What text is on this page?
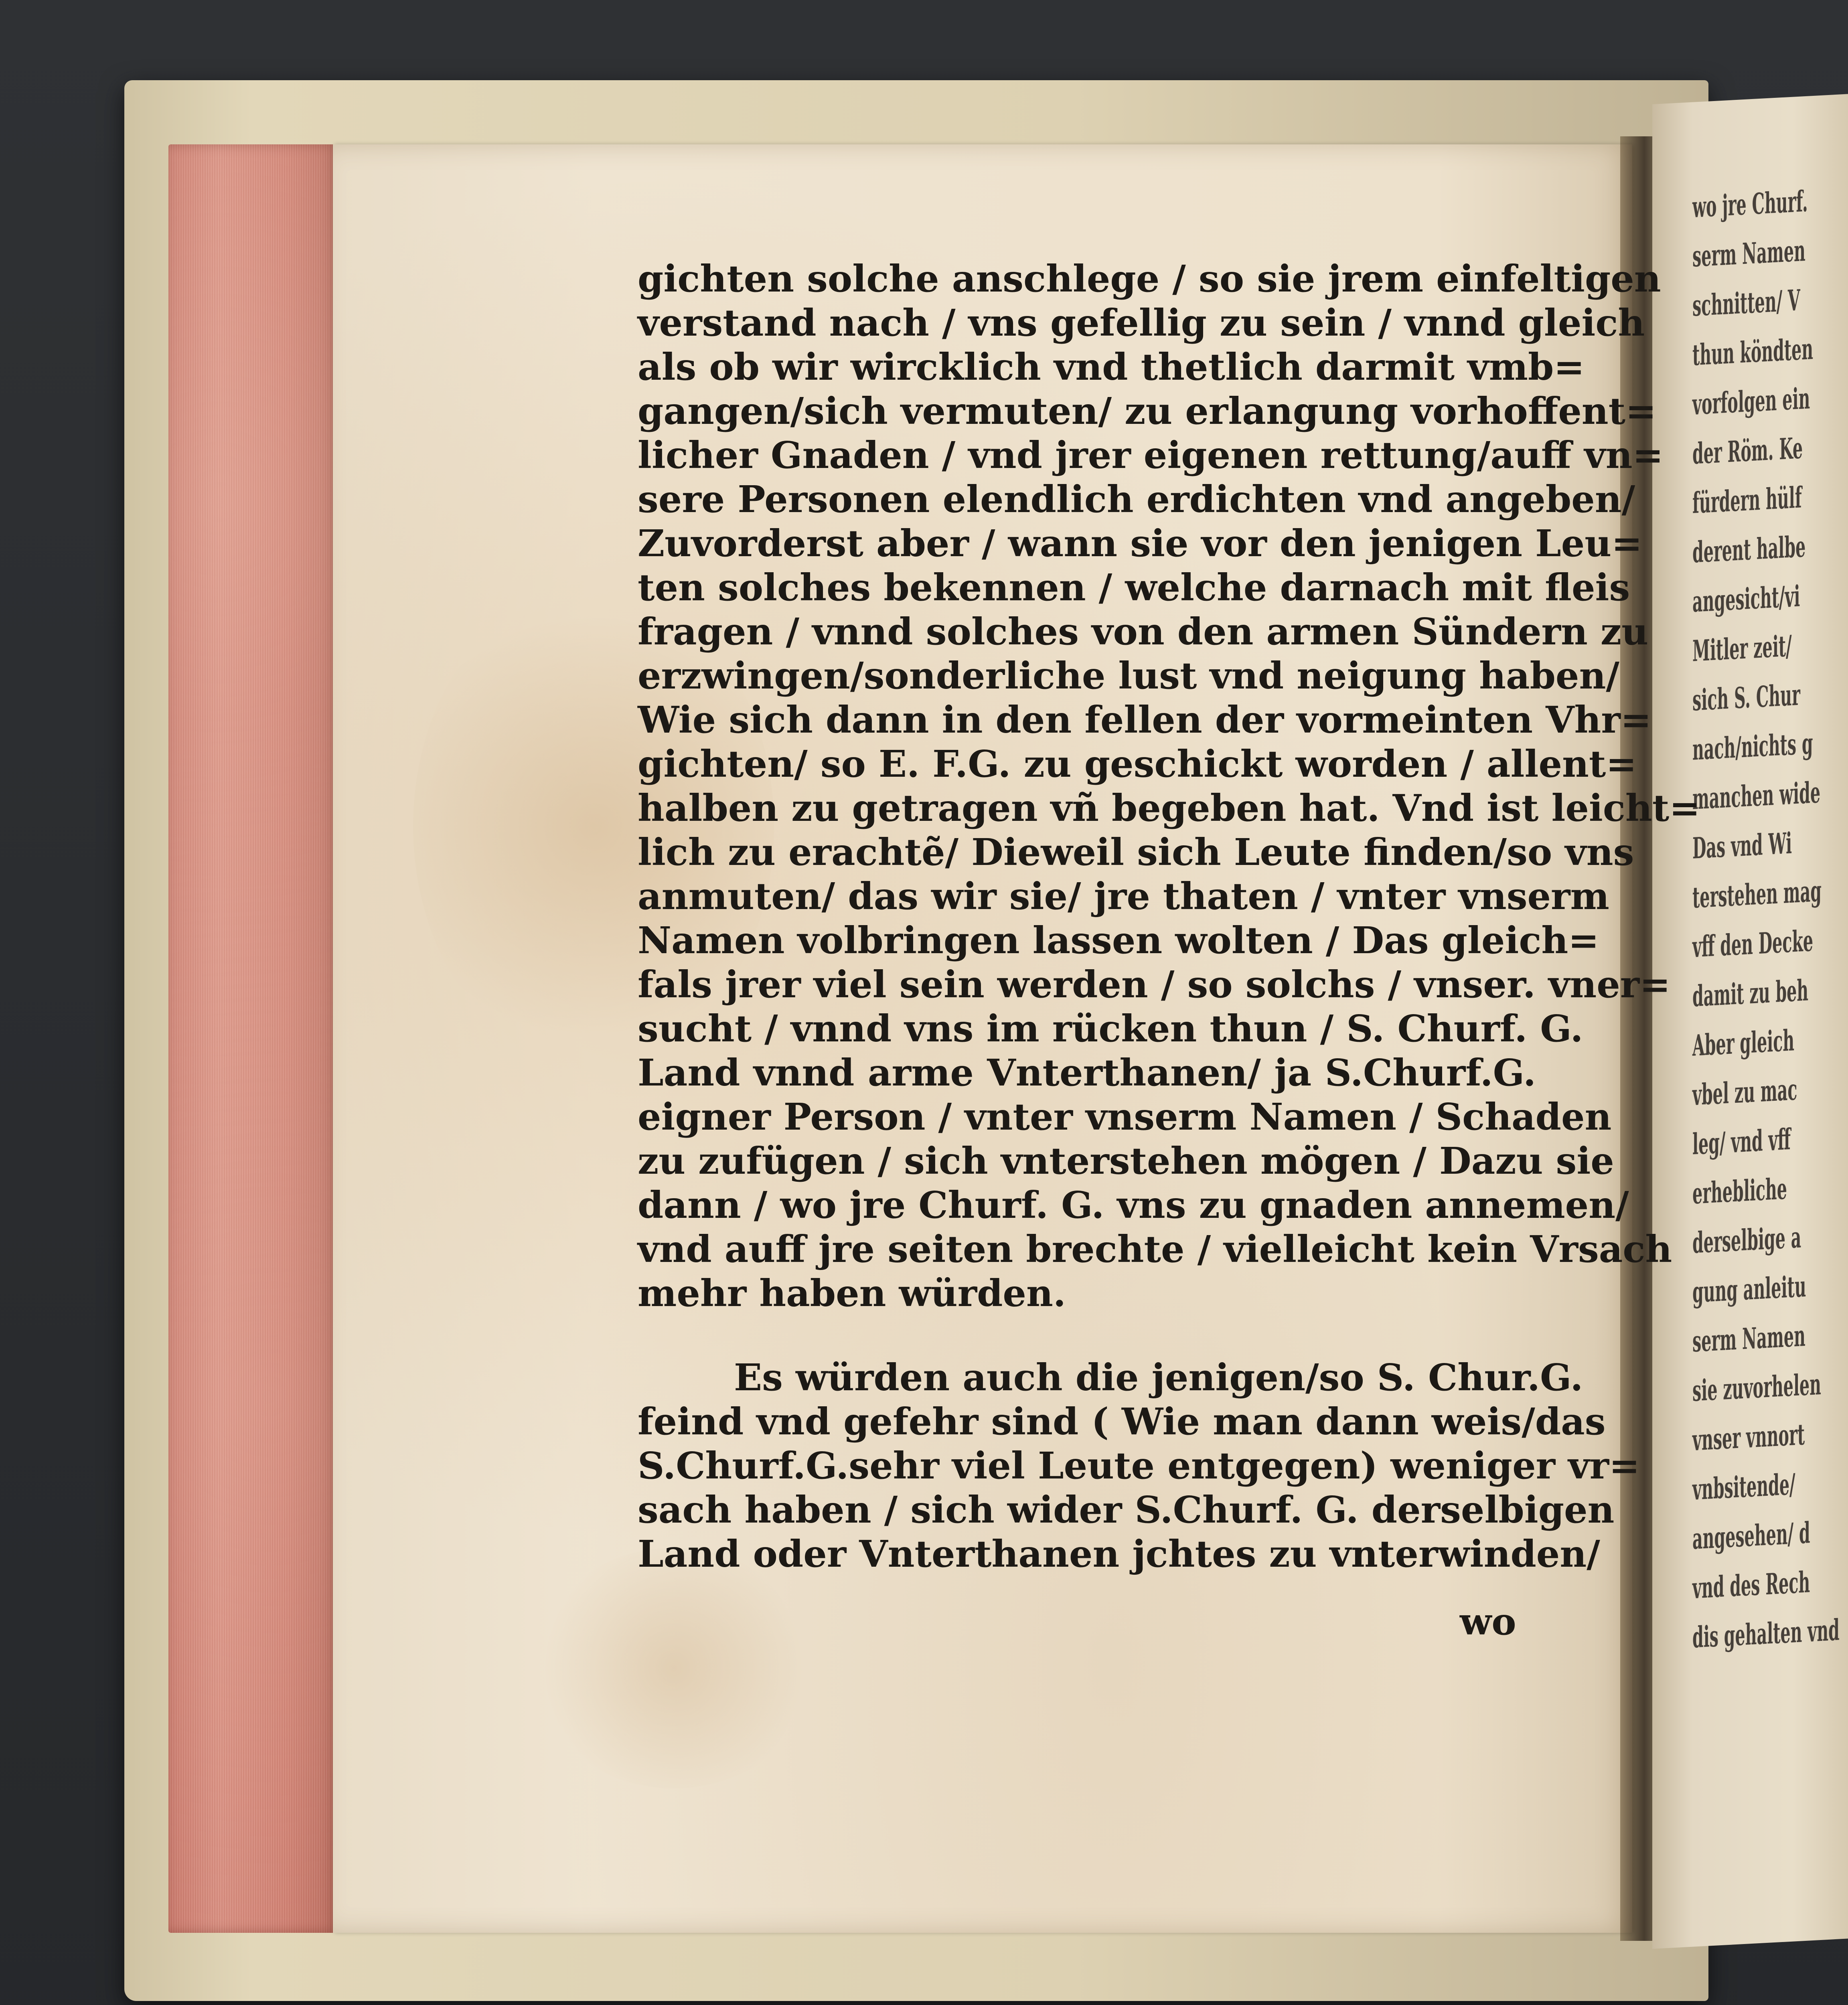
wo jre Churf.
serm Namen
schnitten/ V
thun köndten
vorfolgen ein
der Röm. Ke
fürdern hülf
derent halbe
angesicht/vi
Mitler zeit/
sich S. Chur
nach/nichts g
manchen wide
Das vnd Wi
terstehen mag
vff den Decke
damit zu beh
Aber gleich
vbel zu mac
leg/ vnd vff
erhebliche
derselbige a
gung anleitu
serm Namen
sie zuvorhelen
vnser vnnort
vnbsitende/
angesehen/ d
vnd des Rech
dis gehalten vnd
gichten solche anschlege / so sie jrem einfeltigen
verstand nach / vns gefellig zu sein / vnnd gleich
als ob wir wircklich vnd thetlich darmit vmb=
gangen/sich vermuten/ zu erlangung vorhoffent=
licher Gnaden / vnd jrer eigenen rettung/auff vn=
sere Personen elendlich erdichten vnd angeben/
Zuvorderst aber / wann sie vor den jenigen Leu=
ten solches bekennen / welche darnach mit fleis
fragen / vnnd solches von den armen Sündern zu
erzwingen/sonderliche lust vnd neigung haben/
Wie sich dann in den fellen der vormeinten Vhr=
gichten/ so E. F.G. zu geschickt worden / allent=
halben zu getragen vñ begeben hat. Vnd ist leicht=
lich zu erachtẽ/ Dieweil sich Leute finden/so vns
anmuten/ das wir sie/ jre thaten / vnter vnserm
Namen volbringen lassen wolten / Das gleich=
fals jrer viel sein werden / so solchs / vnser. vner=
sucht / vnnd vns im rücken thun / S. Churf. G.
Land vnnd arme Vnterthanen/ ja S.Churf.G.
eigner Person / vnter vnserm Namen / Schaden
zu zufügen / sich vnterstehen mögen / Dazu sie
dann / wo jre Churf. G. vns zu gnaden annemen/
vnd auff jre seiten brechte / vielleicht kein Vrsach
mehr haben würden.
Es würden auch die jenigen/so S. Chur.G.
feind vnd gefehr sind ( Wie man dann weis/das
S.Churf.G.sehr viel Leute entgegen) weniger vr=
sach haben / sich wider S.Churf. G. derselbigen
Land oder Vnterthanen jchtes zu vnterwinden/
wo
